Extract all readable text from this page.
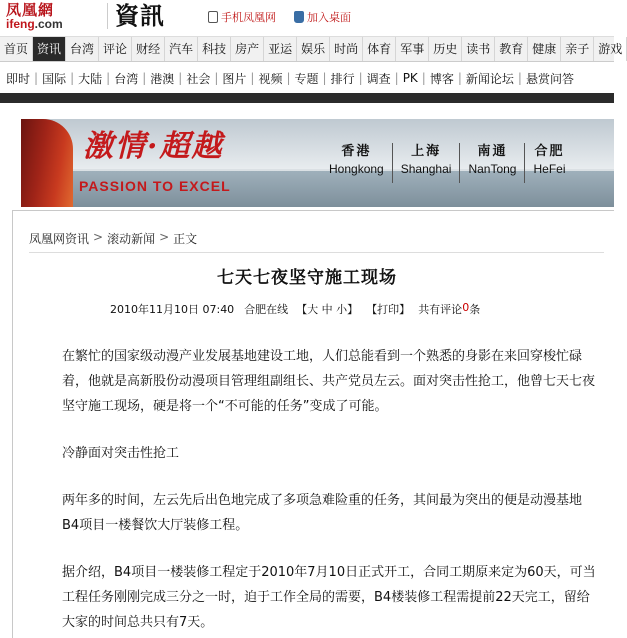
凤凰網
ifeng.com	資訊	手机凤凰网	加入桌面
首页 资讯 台湾 评论 财经 汽车 科技 房产 亚运 娱乐 时尚 体育 军事 历史 读书 教育 健康 亲子 游戏
即时 | 国际 | 大陆 | 台湾 | 港澳 | 社会 | 图片 | 视频 | 专题 | 排行 | 调查 | PK | 博客 | 新闻论坛 | 悬赏问答
激情·超越
PASSION TO EXCEL
香港
Hongkong
上海
Shanghai
南通
NanTong
合肥
HeFei
凤凰网资讯 > 滚动新闻 > 正文
七天七夜坚守施工现场
2010年11月10日 07:40 合肥在线 【大 中 小】 【打印】 共有评论 0 条

在繁忙的国家级动漫产业发展基地建设工地，人们总能看到一个熟悉的身影在来回穿梭忙碌着，他就是高新股份动漫项目管理组副组长、共产党员左云。面对突击性抢工，他曾七天七夜坚守施工现场，硬是将一个“不可能的任务”变成了可能。

冷静面对突击性抢工

两年多的时间，左云先后出色地完成了多项急难险重的任务，其间最为突出的便是动漫基地B4项目一楼餐饮大厅装修工程。

据介绍，B4项目一楼装修工程定于2010年7月10日正式开工，合同工期原来定为60天，可当工程任务刚刚完成三分之一时，迫于工作全局的需要，B4楼装修工程需提前22天完工，留给大家的时间总共只有7天。
